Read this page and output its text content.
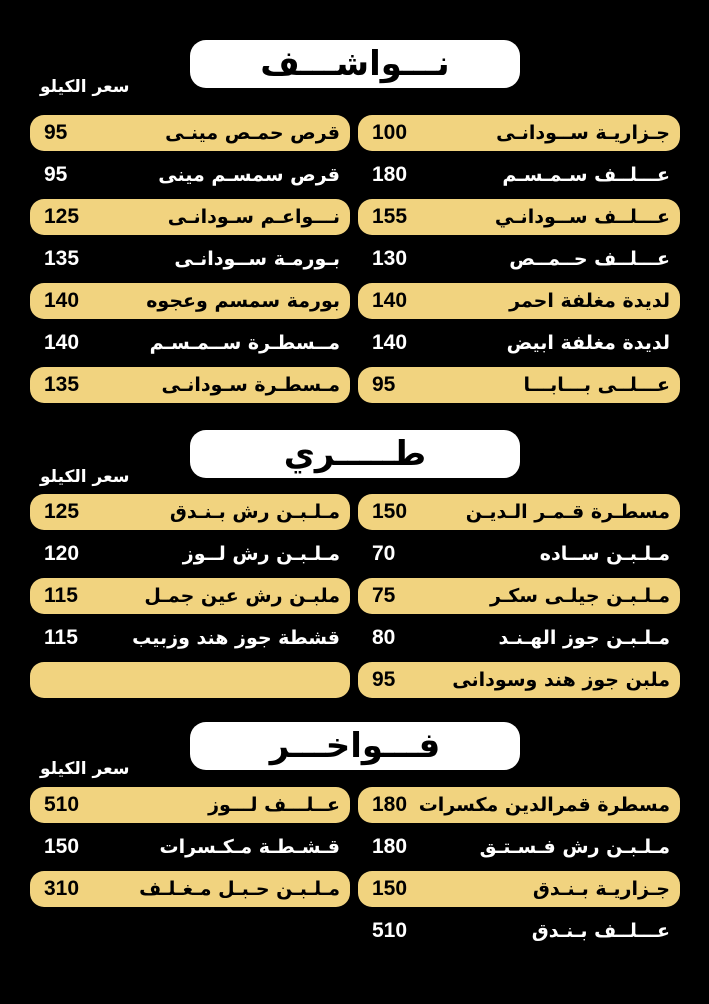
نـــواشـــف
سعر الكيلو
95	قرص حمـص مينـى
95	قرص سمسـم مينى
125	نـــواعـم سـودانـى
135	بـورمـة ســودانـى
140	بورمة سمسم وعجوه
140	مــسطـرة ســمـسـم
135	مـسطـرة سـودانـى
100	جـزاريـة ســودانـى
180	عـــلــف سـمـسـم
155	عـــلــف ســودانـي
130	عـــلــف حــمــص
140	لديدة مغلفة احمر
140	لديدة مغلفة ابيض
95	عـــلــى بـــابـــا
طـــــري
سعر الكيلو
125	مـلـبـن رش بـنـدق
120	مـلـبـن رش لــوز
115	ملبـن رش عين جمـل
115	قشطة جوز هند وزبيب
150	مسطـرة قـمـر الـديـن
70	مـلـبـن ســاده
75	مـلـبـن جيلـى سكـر
80	مـلـبـن جوز الهـنـد
95	ملبن جوز هند وسودانى
فـــواخـــر
سعر الكيلو
510	عــلـــف لـــوز
150	قـشـطـة مـكـسرات
310	مـلـبـن حـبـل مـغـلـف
180 مسطرة قمرالدين مكسرات
180	مـلـبـن رش فـسـتـق
150	جـزاريـة بـنـدق
510	عـــلــف بـنـدق
